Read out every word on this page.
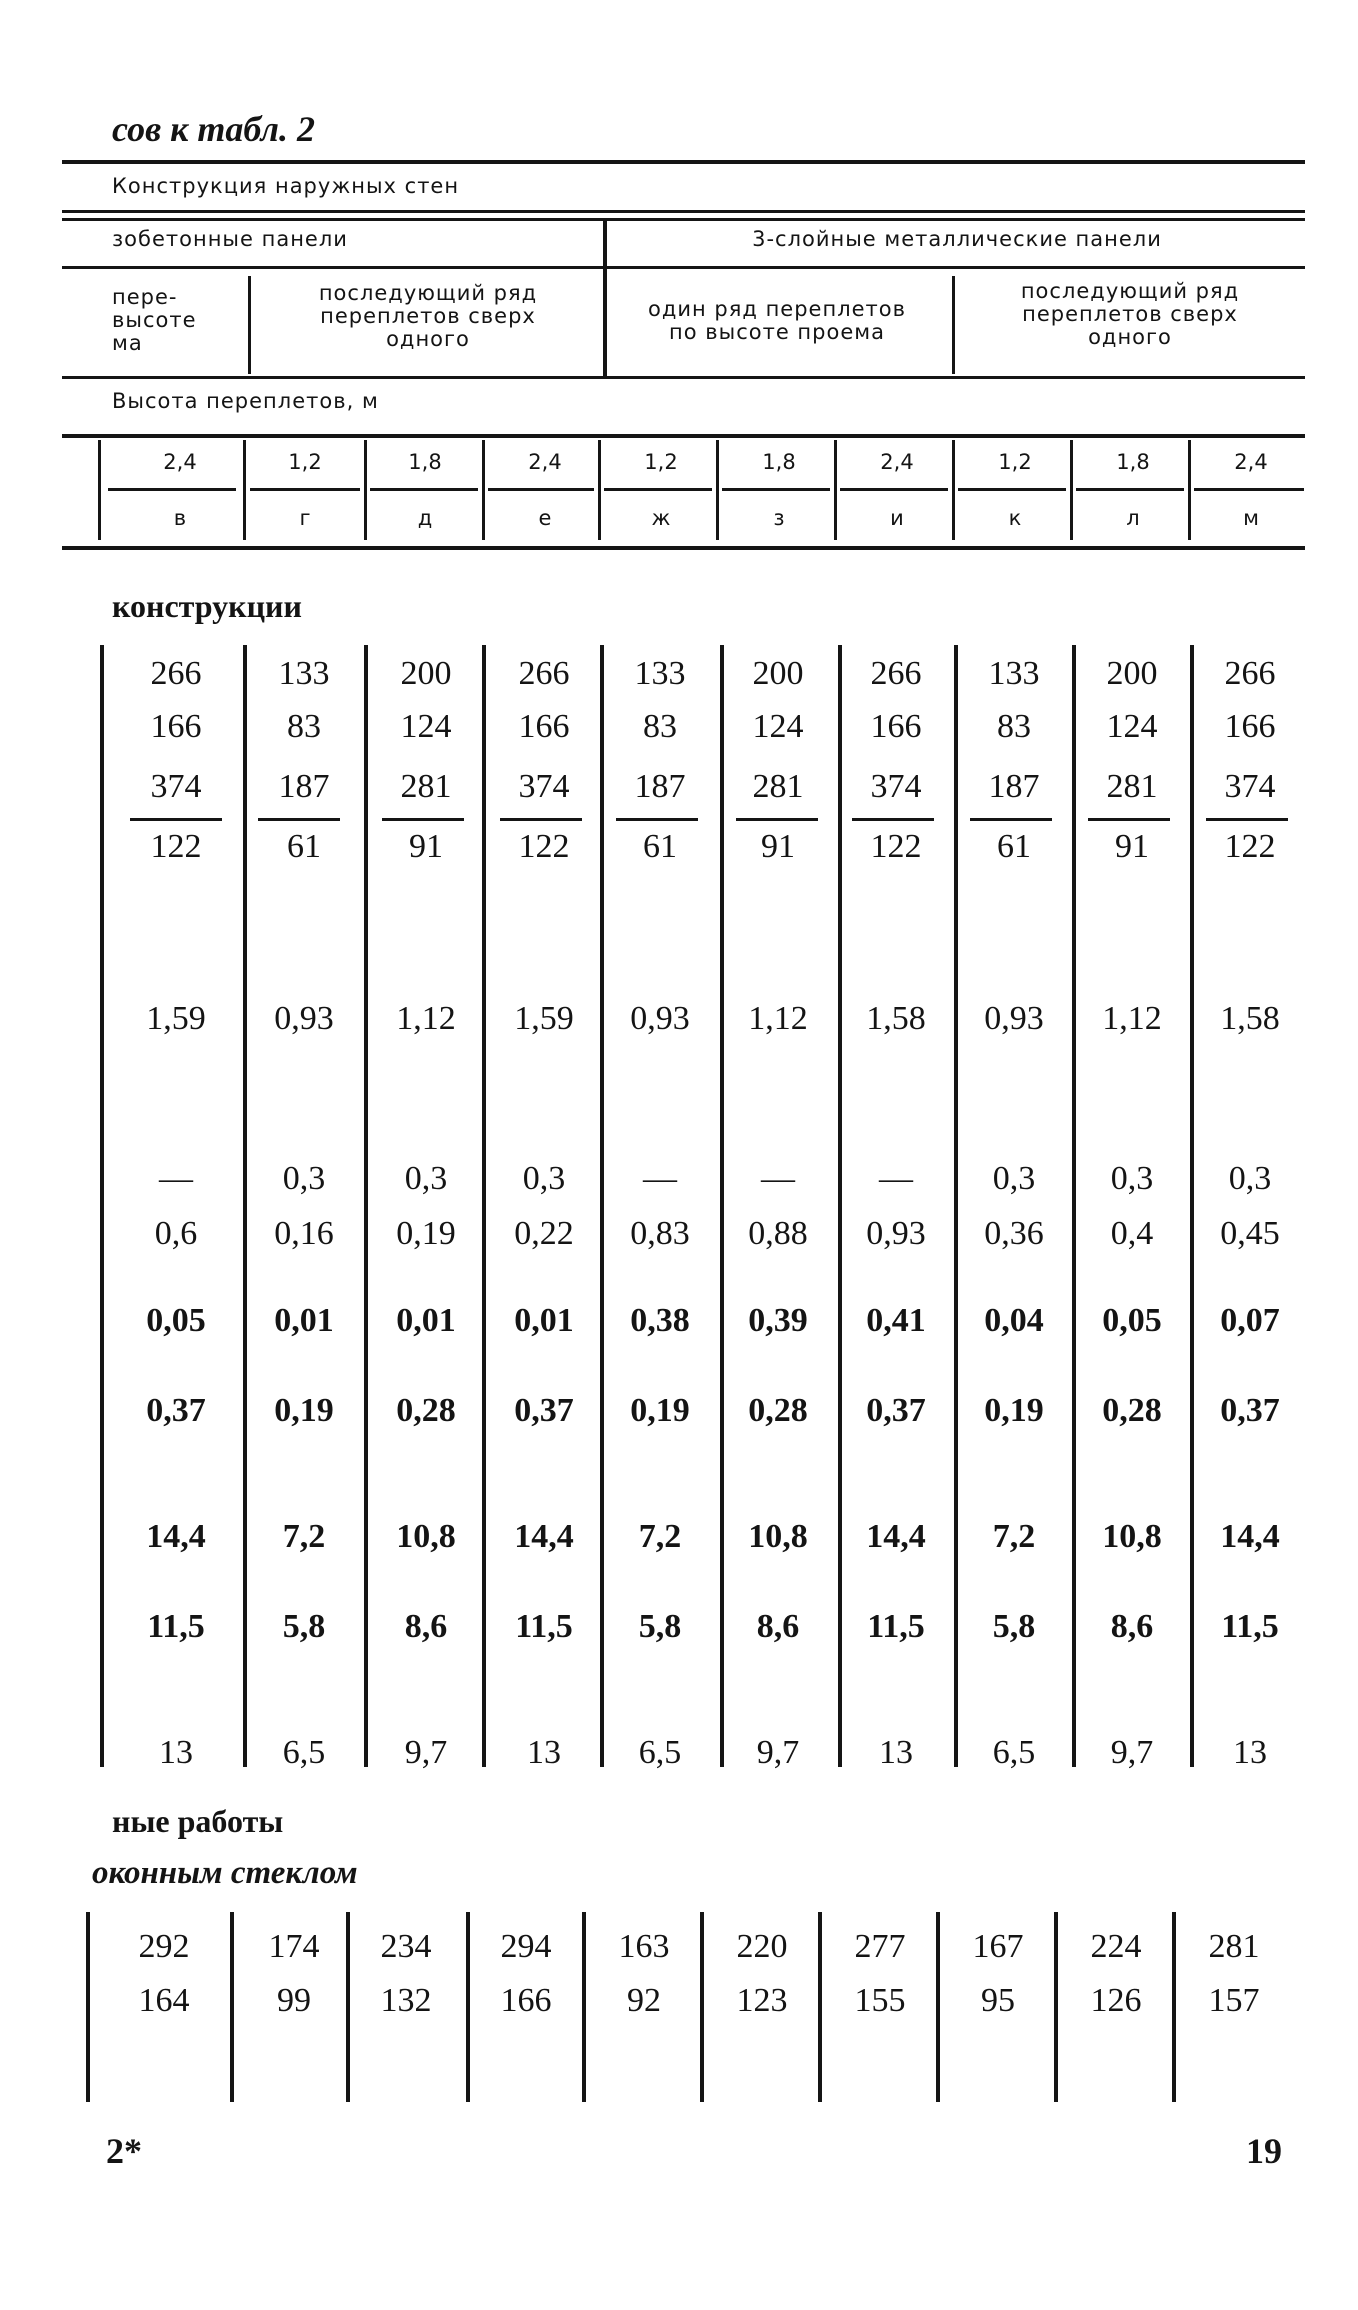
сов к табл. 2
Конструкция наружных стен
зобетонные панели	3-слойные металлические панели
пере-
высоте
ма
последующий ряд
переплетов сверх
одного
один ряд переплетов
по высоте проема
последующий ряд
переплетов сверх
одного
Высота переплетов, м
2,4	1,2	1,8	2,4	1,2	1,8	2,4	1,2	1,8	2,4
в	г	д	е	ж	з	и	к	л	м
конструкции
266	133	200	266	133	200	266	133	200	266
166	83	124	166	83	124	166	83	124	166
374	187	281	374	187	281	374	187	281	374
122	61	91	122	61	91	122	61	91	122
1,59	0,93	1,12	1,59	0,93	1,12	1,58	0,93	1,12	1,58
—	0,3	0,3	0,3	—	—	—	0,3	0,3	0,3
0,6	0,16	0,19	0,22	0,83	0,88	0,93	0,36	0,4	0,45
0,05	0,01	0,01	0,01	0,38	0,39	0,41	0,04	0,05	0,07
0,37	0,19	0,28	0,37	0,19	0,28	0,37	0,19	0,28	0,37
14,4	7,2	10,8	14,4	7,2	10,8	14,4	7,2	10,8	14,4
11,5	5,8	8,6	11,5	5,8	8,6	11,5	5,8	8,6	11,5
13	6,5	9,7	13	6,5	9,7	13	6,5	9,7	13
ные работы
оконным стеклом
292	174	234	294	163	220	277	167	224	281
164	99	132	166	92	123	155	95	126	157
2*	19
